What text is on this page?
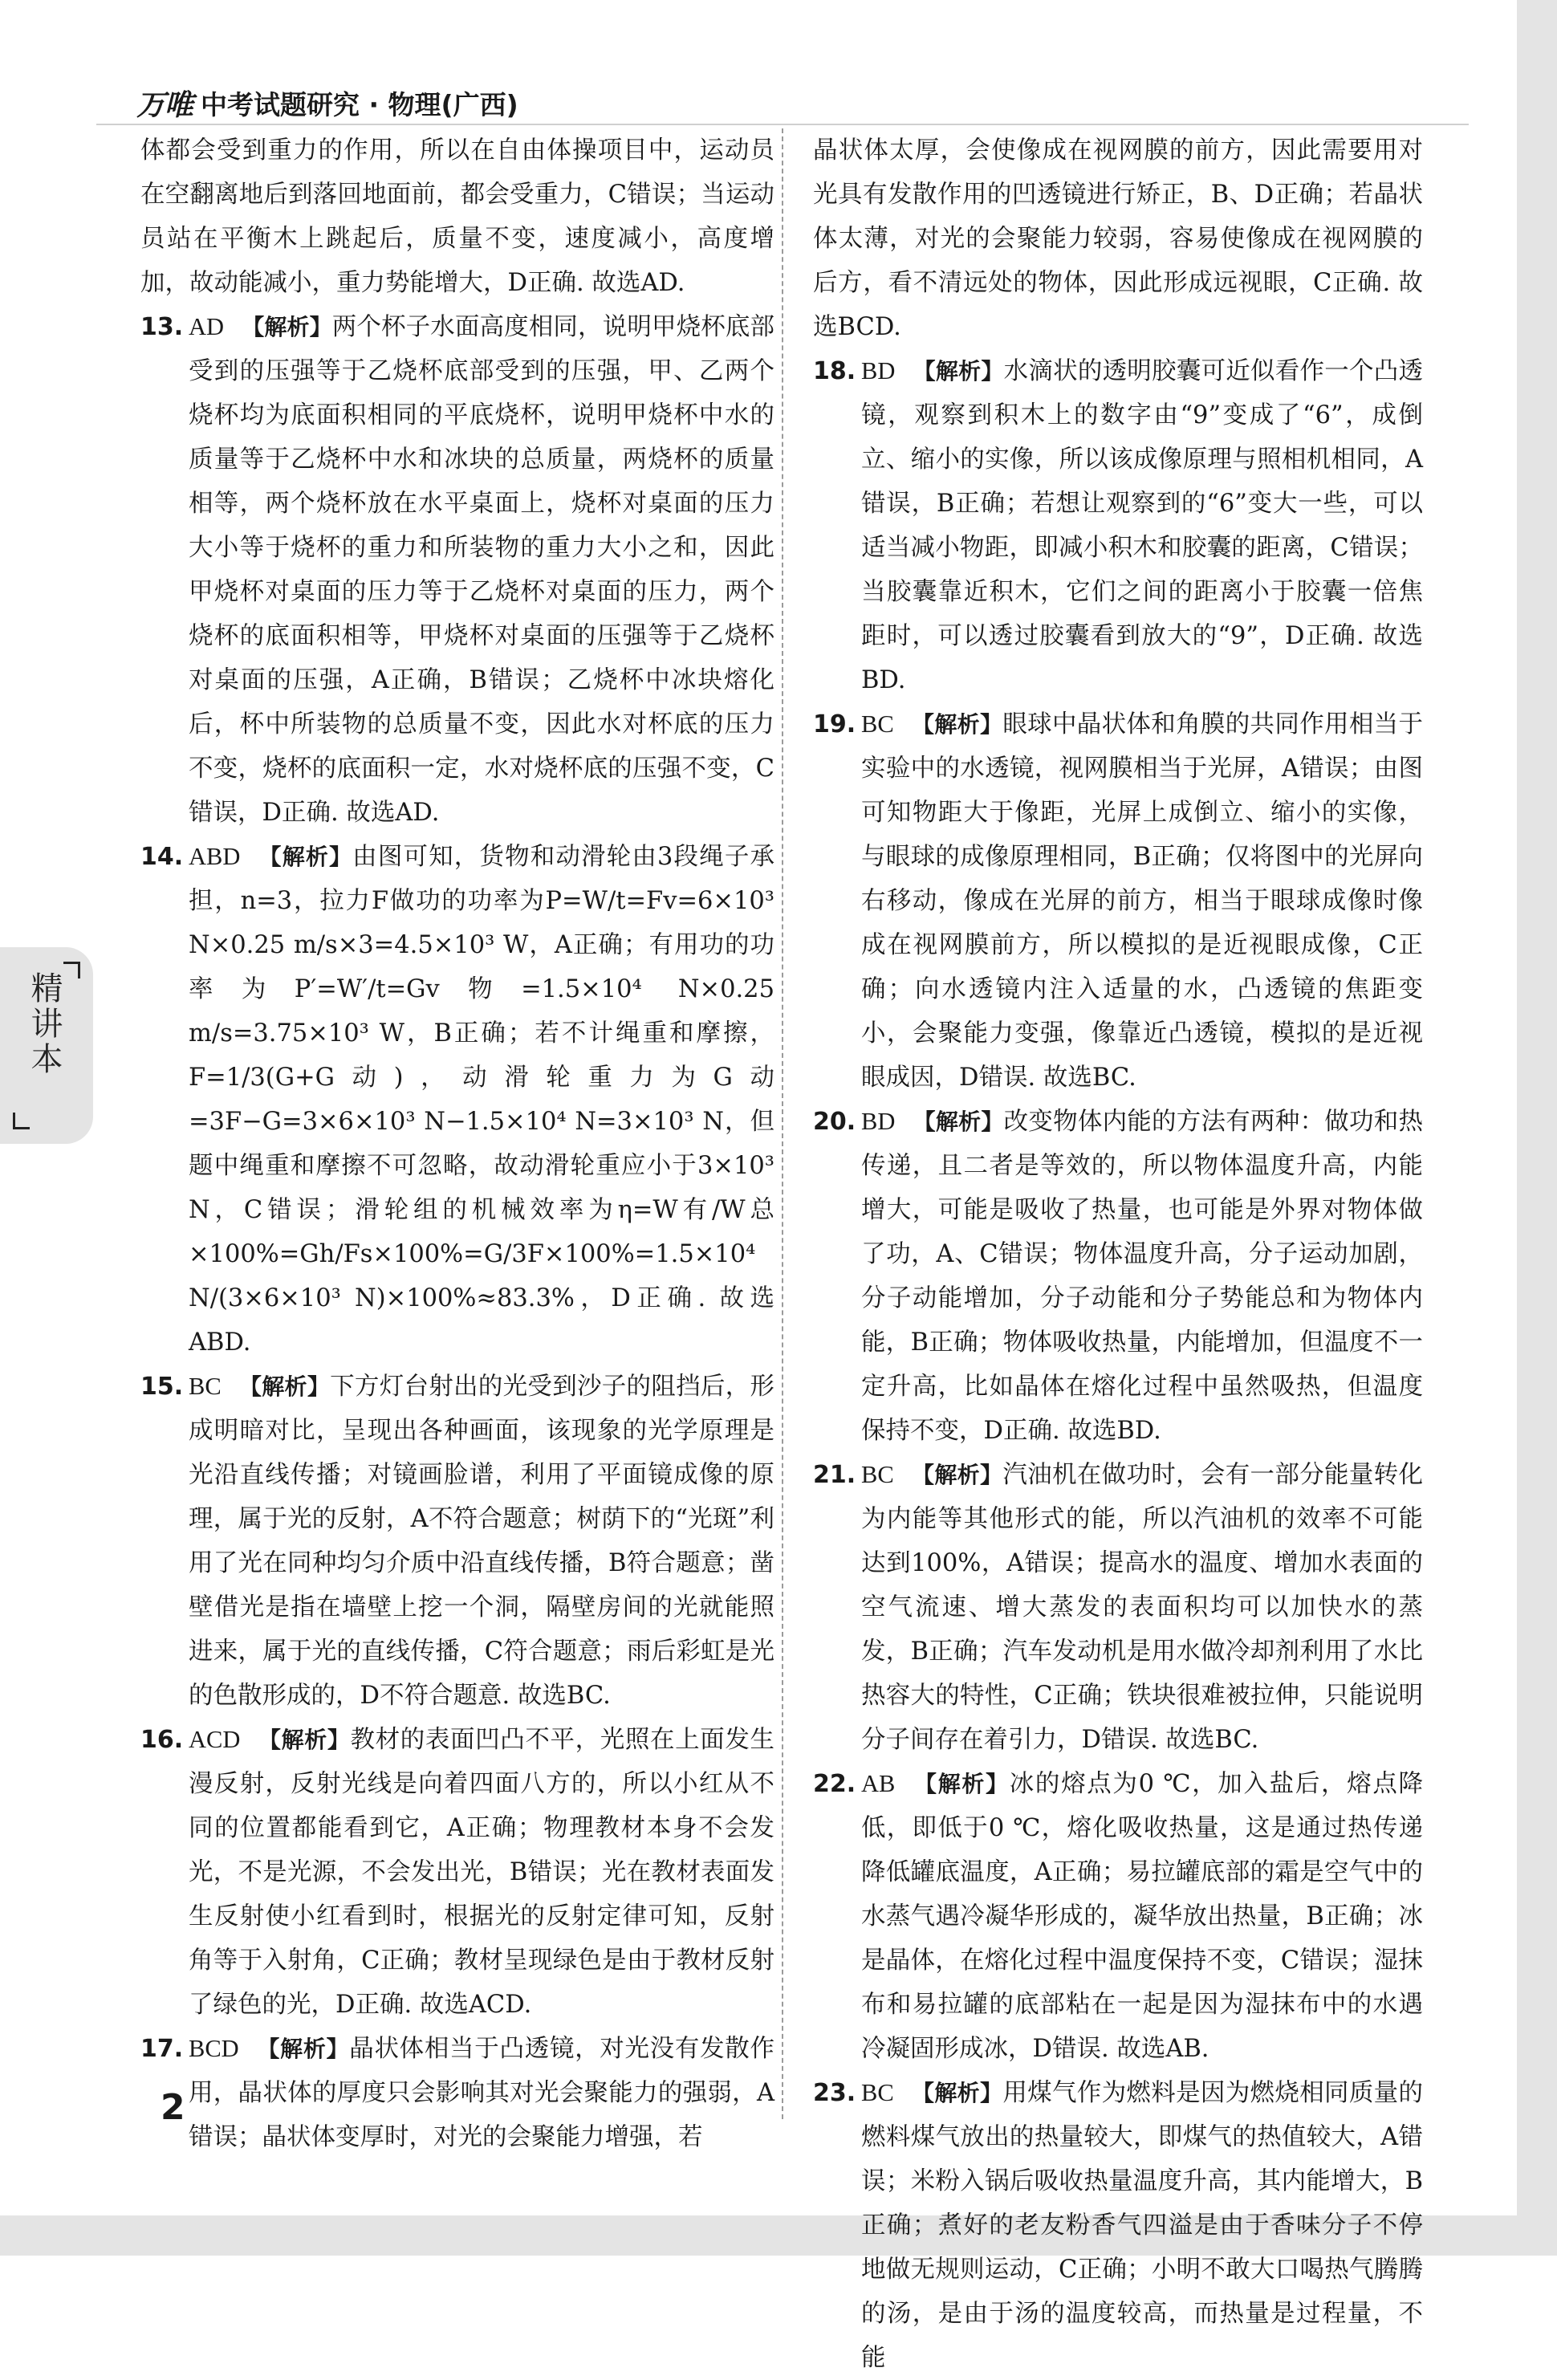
万唯 中考试题研究 · 物理(广西)
精讲本

体都会受到重力的作用，所以在自由体操项目中，运动员在空翻离地后到落回地面前，都会受重力，C错误；当运动员站在平衡木上跳起后，质量不变，速度减小，高度增加，故动能减小，重力势能增大，D正确. 故选AD.

13. AD 【解析】两个杯子水面高度相同，说明甲烧杯底部受到的压强等于乙烧杯底部受到的压强，甲、乙两个烧杯均为底面积相同的平底烧杯，说明甲烧杯中水的质量等于乙烧杯中水和冰块的总质量，两烧杯的质量相等，两个烧杯放在水平桌面上，烧杯对桌面的压力大小等于烧杯的重力和所装物的重力大小之和，因此甲烧杯对桌面的压力等于乙烧杯对桌面的压力，两个烧杯的底面积相等，甲烧杯对桌面的压强等于乙烧杯对桌面的压强，A正确，B错误；乙烧杯中冰块熔化后，杯中所装物的总质量不变，因此水对杯底的压力不变，烧杯的底面积一定，水对烧杯底的压强不变，C错误，D正确. 故选AD.

14. ABD 【解析】由图可知，货物和动滑轮由3段绳子承担，n=3，拉力F做功的功率为P=W/t=Fv=6×10³ N×0.25 m/s×3=4.5×10³ W，A正确；有用功的功率为P′=W′/t=Gv物=1.5×10⁴ N×0.25 m/s=3.75×10³ W，B正确；若不计绳重和摩擦，F=1/3(G+G动)，动滑轮重力为G动=3F−G=3×6×10³ N−1.5×10⁴ N=3×10³ N，但题中绳重和摩擦不可忽略，故动滑轮重应小于3×10³ N，C错误；滑轮组的机械效率为η=W有/W总×100%=Gh/Fs×100%=G/3F×100%=1.5×10⁴ N/(3×6×10³ N)×100%≈83.3%，D正确. 故选ABD.

15. BC 【解析】下方灯台射出的光受到沙子的阻挡后，形成明暗对比，呈现出各种画面，该现象的光学原理是光沿直线传播；对镜画脸谱，利用了平面镜成像的原理，属于光的反射，A不符合题意；树荫下的“光斑”利用了光在同种均匀介质中沿直线传播，B符合题意；凿壁借光是指在墙壁上挖一个洞，隔壁房间的光就能照进来，属于光的直线传播，C符合题意；雨后彩虹是光的色散形成的，D不符合题意. 故选BC.

16. ACD 【解析】教材的表面凹凸不平，光照在上面发生漫反射，反射光线是向着四面八方的，所以小红从不同的位置都能看到它，A正确；物理教材本身不会发光，不是光源，不会发出光，B错误；光在教材表面发生反射使小红看到时，根据光的反射定律可知，反射角等于入射角，C正确；教材呈现绿色是由于教材反射了绿色的光，D正确. 故选ACD.

17. BCD 【解析】晶状体相当于凸透镜，对光没有发散作用，晶状体的厚度只会影响其对光会聚能力的强弱，A错误；晶状体变厚时，对光的会聚能力增强，若

晶状体太厚，会使像成在视网膜的前方，因此需要用对光具有发散作用的凹透镜进行矫正，B、D正确；若晶状体太薄，对光的会聚能力较弱，容易使像成在视网膜的后方，看不清远处的物体，因此形成远视眼，C正确. 故选BCD.

18. BD 【解析】水滴状的透明胶囊可近似看作一个凸透镜，观察到积木上的数字由“9”变成了“6”，成倒立、缩小的实像，所以该成像原理与照相机相同，A错误，B正确；若想让观察到的“6”变大一些，可以适当减小物距，即减小积木和胶囊的距离，C错误；当胶囊靠近积木，它们之间的距离小于胶囊一倍焦距时，可以透过胶囊看到放大的“9”，D正确. 故选BD.

19. BC 【解析】眼球中晶状体和角膜的共同作用相当于实验中的水透镜，视网膜相当于光屏，A错误；由图可知物距大于像距，光屏上成倒立、缩小的实像，与眼球的成像原理相同，B正确；仅将图中的光屏向右移动，像成在光屏的前方，相当于眼球成像时像成在视网膜前方，所以模拟的是近视眼成像，C正确；向水透镜内注入适量的水，凸透镜的焦距变小，会聚能力变强，像靠近凸透镜，模拟的是近视眼成因，D错误. 故选BC.

20. BD 【解析】改变物体内能的方法有两种：做功和热传递，且二者是等效的，所以物体温度升高，内能增大，可能是吸收了热量，也可能是外界对物体做了功，A、C错误；物体温度升高，分子运动加剧，分子动能增加，分子动能和分子势能总和为物体内能，B正确；物体吸收热量，内能增加，但温度不一定升高，比如晶体在熔化过程中虽然吸热，但温度保持不变，D正确. 故选BD.

21. BC 【解析】汽油机在做功时，会有一部分能量转化为内能等其他形式的能，所以汽油机的效率不可能达到100%，A错误；提高水的温度、增加水表面的空气流速、增大蒸发的表面积均可以加快水的蒸发，B正确；汽车发动机是用水做冷却剂利用了水比热容大的特性，C正确；铁块很难被拉伸，只能说明分子间存在着引力，D错误. 故选BC.

22. AB 【解析】冰的熔点为0 ℃，加入盐后，熔点降低，即低于0 ℃，熔化吸收热量，这是通过热传递降低罐底温度，A正确；易拉罐底部的霜是空气中的水蒸气遇冷凝华形成的，凝华放出热量，B正确；冰是晶体，在熔化过程中温度保持不变，C错误；湿抹布和易拉罐的底部粘在一起是因为湿抹布中的水遇冷凝固形成冰，D错误. 故选AB.

23. BC 【解析】用煤气作为燃料是因为燃烧相同质量的燃料煤气放出的热量较大，即煤气的热值较大，A错误；米粉入锅后吸收热量温度升高，其内能增大，B正确；煮好的老友粉香气四溢是由于香味分子不停地做无规则运动，C正确；小明不敢大口喝热气腾腾的汤，是由于汤的温度较高，而热量是过程量，不能

2
